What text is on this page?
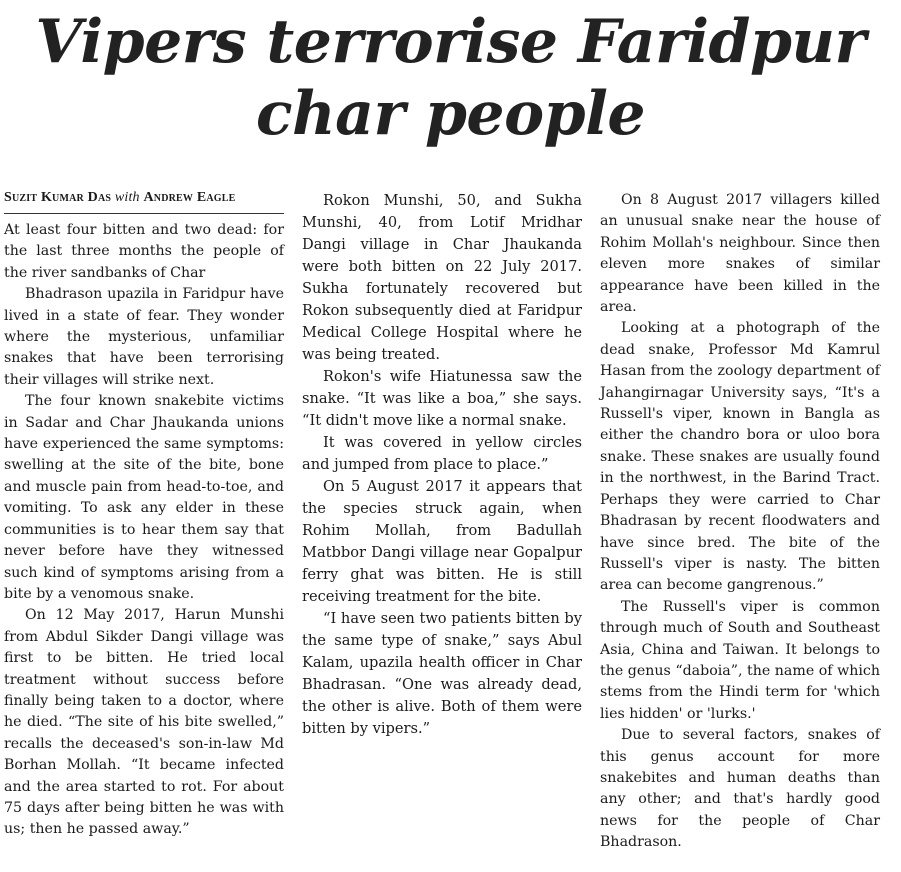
Vipers terrorise Faridpur
char people
Suzit Kumar Das with Andrew Eagle

At least four bitten and two dead: for the last three months the people of the river sandbanks of Char

Bhadrason upazila in Faridpur have lived in a state of fear. They wonder where the mysterious, unfamiliar snakes that have been terrorising their villages will strike next.

The four known snakebite victims in Sadar and Char Jhaukanda unions have experienced the same symptoms: swelling at the site of the bite, bone and muscle pain from head-to-toe, and vomiting. To ask any elder in these communities is to hear them say that never before have they witnessed such kind of symptoms arising from a bite by a venomous snake.

On 12 May 2017, Harun Munshi from Abdul Sikder Dangi village was first to be bitten. He tried local treatment without success before finally being taken to a doctor, where he died. “The site of his bite swelled,” recalls the deceased's son-in-law Md Borhan Mollah. “It became infected and the area started to rot. For about 75 days after being bitten he was with us; then he passed away.”

Rokon Munshi, 50, and Sukha Munshi, 40, from Lotif Mridhar Dangi village in Char Jhaukanda were both bitten on 22 July 2017. Sukha fortunately recovered but Rokon subsequently died at Faridpur Medical College Hospital where he was being treated.

Rokon's wife Hiatunessa saw the snake. “It was like a boa,” she says. “It didn't move like a normal snake.

It was covered in yellow circles and jumped from place to place.”

On 5 August 2017 it appears that the species struck again, when Rohim Mollah, from Badullah Matbbor Dangi village near Gopalpur ferry ghat was bitten. He is still receiving treatment for the bite.

“I have seen two patients bitten by the same type of snake,” says Abul Kalam, upazila health officer in Char Bhadrasan. “One was already dead, the other is alive. Both of them were bitten by vipers.”

On 8 August 2017 villagers killed an unusual snake near the house of Rohim Mollah's neighbour. Since then eleven more snakes of similar appearance have been killed in the area.

Looking at a photograph of the dead snake, Professor Md Kamrul Hasan from the zoology department of Jahangirnagar University says, “It's a Russell's viper, known in Bangla as either the chandro bora or uloo bora snake. These snakes are usually found in the northwest, in the Barind Tract. Perhaps they were carried to Char Bhadrasan by recent floodwaters and have since bred. The bite of the Russell's viper is nasty. The bitten area can become gangrenous.”

The Russell's viper is common through much of South and Southeast Asia, China and Taiwan. It belongs to the genus “daboia”, the name of which stems from the Hindi term for 'which lies hidden' or 'lurks.'

Due to several factors, snakes of this genus account for more snakebites and human deaths than any other; and that's hardly good news for the people of Char Bhadrason.
